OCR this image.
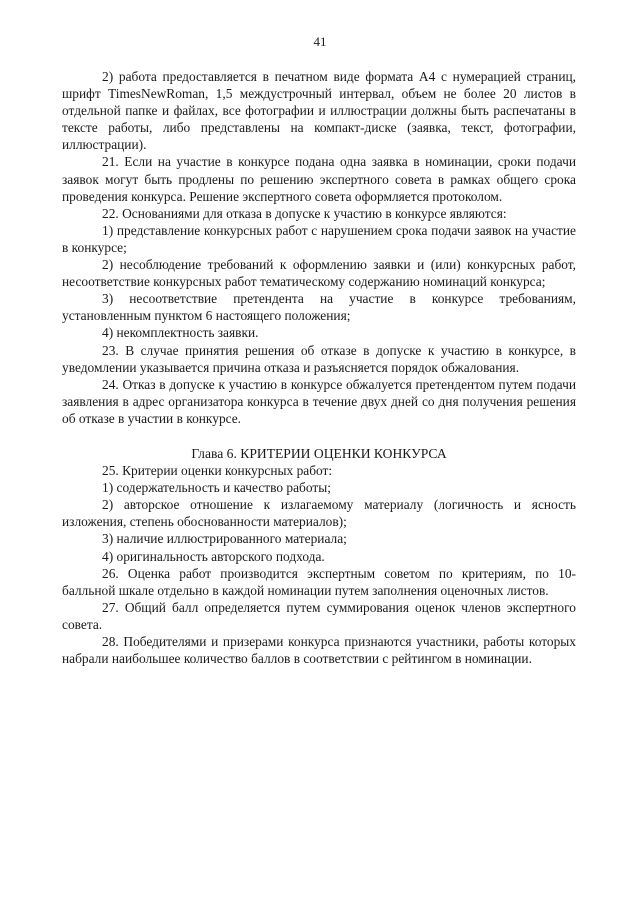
41

2) работа предоставляется в печатном виде формата А4 с нумерацией страниц, шрифт TimesNewRoman, 1,5 междустрочный интервал, объем не более 20 листов в отдельной папке и файлах, все фотографии и иллюстрации должны быть распечатаны в тексте работы, либо представлены на компакт-диске (заявка, текст, фотографии, иллюстрации).

21. Если на участие в конкурсе подана одна заявка в номинации, сроки подачи заявок могут быть продлены по решению экспертного совета в рамках общего срока проведения конкурса. Решение экспертного совета оформляется протоколом.

22. Основаниями для отказа в допуске к участию в конкурсе являются:

1) представление конкурсных работ с нарушением срока подачи заявок на участие в конкурсе;

2) несоблюдение требований к оформлению заявки и (или) конкурсных работ, несоответствие конкурсных работ тематическому содержанию номинаций конкурса;

3) несоответствие претендента на участие в конкурсе требованиям, установленным пунктом 6 настоящего положения;

4) некомплектность заявки.

23. В случае принятия решения об отказе в допуске к участию в конкурсе, в уведомлении указывается причина отказа и разъясняется порядок обжалования.

24. Отказ в допуске к участию в конкурсе обжалуется претендентом путем подачи заявления в адрес организатора конкурса в течение двух дней со дня получения решения об отказе в участии в конкурсе.

Глава 6. КРИТЕРИИ ОЦЕНКИ КОНКУРСА

25. Критерии оценки конкурсных работ:

1) содержательность и качество работы;

2) авторское отношение к излагаемому материалу (логичность и ясность изложения, степень обоснованности материалов);

3) наличие иллюстрированного материала;

4) оригинальность авторского подхода.

26. Оценка работ производится экспертным советом по критериям, по 10-балльной шкале отдельно в каждой номинации путем заполнения оценочных листов.

27. Общий балл определяется путем суммирования оценок членов экспертного совета.

28. Победителями и призерами конкурса признаются участники, работы которых набрали наибольшее количество баллов в соответствии с рейтингом в номинации.
